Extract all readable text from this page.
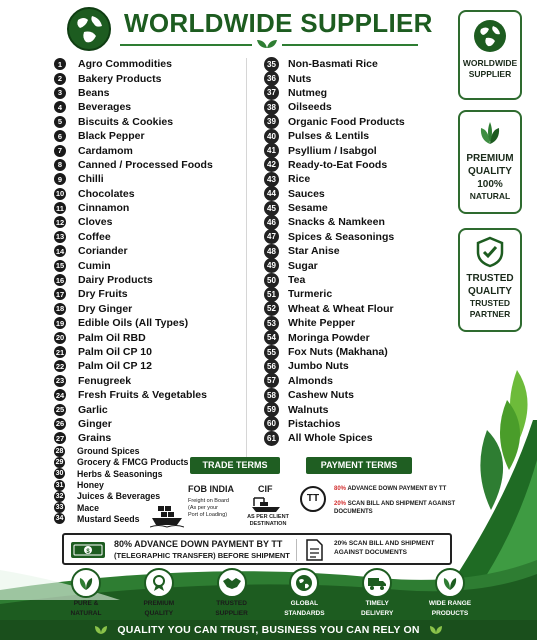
WORLDWIDE SUPPLIER
1	Agro Commodities
2	Bakery Products
3	Beans
4	Beverages
5	Biscuits & Cookies
6	Black Pepper
7	Cardamom
8	Canned / Processed Foods
9	Chilli
10 Chocolates
11 Cinnamon
12 Cloves
13 Coffee
14 Coriander
15 Cumin
16 Dairy Products
17 Dry Fruits
18 Dry Ginger
19 Edible Oils (All Types)
20 Palm Oil RBD
21 Palm Oil CP 10
22 Palm Oil CP 12
23 Fenugreek
24 Fresh Fruits & Vegetables
25 Garlic
26 Ginger
27 Grains
28 Ground Spices
29 Grocery & FMCG Products
30 Herbs & Seasonings
31 Honey
32 Juices & Beverages
33 Mace
34 Mustard Seeds
35 Non-Basmati Rice
36 Nuts
37 Nutmeg
38 Oilseeds
39 Organic Food Products
40 Pulses & Lentils
41 Psyllium / Isabgol
42 Ready-to-Eat Foods
43 Rice
44 Sauces
45 Sesame
46 Snacks & Namkeen
47 Spices & Seasonings
48 Star Anise
49 Sugar
50 Tea
51 Turmeric
52 Wheat & Wheat Flour
53 White Pepper
54 Moringa Powder
55 Fox Nuts (Makhana)
56 Jumbo Nuts
57 Almonds
58 Cashew Nuts
59 Walnuts
60 Pistachios
61 All Whole Spices
WORLDWIDE
SUPPLIER
PREMIUM
QUALITY
100%
NATURAL
TRUSTED
QUALITY
TRUSTED
PARTNER
TRADE TERMS	PAYMENT TERMS
FOB INDIA
Freight on Board
(As per your
Port of Loading)
CIF
AS PER CLIENT
DESTINATION
TT
80% ADVANCE DOWN PAYMENT BY TT
20% SCAN BILL AND SHIPMENT AGAINST DOCUMENTS
$
80% ADVANCE DOWN PAYMENT BY TT
(TELEGRAPHIC TRANSFER) BEFORE SHIPMENT
20% SCAN BILL AND SHIPMENT AGAINST DOCUMENTS
PURE &
NATURAL
PREMIUM
QUALITY
TRUSTED
SUPPLIER
GLOBAL
STANDARDS
TIMELY
DELIVERY
WIDE RANGE
PRODUCTS
QUALITY YOU CAN TRUST, BUSINESS YOU CAN RELY ON
